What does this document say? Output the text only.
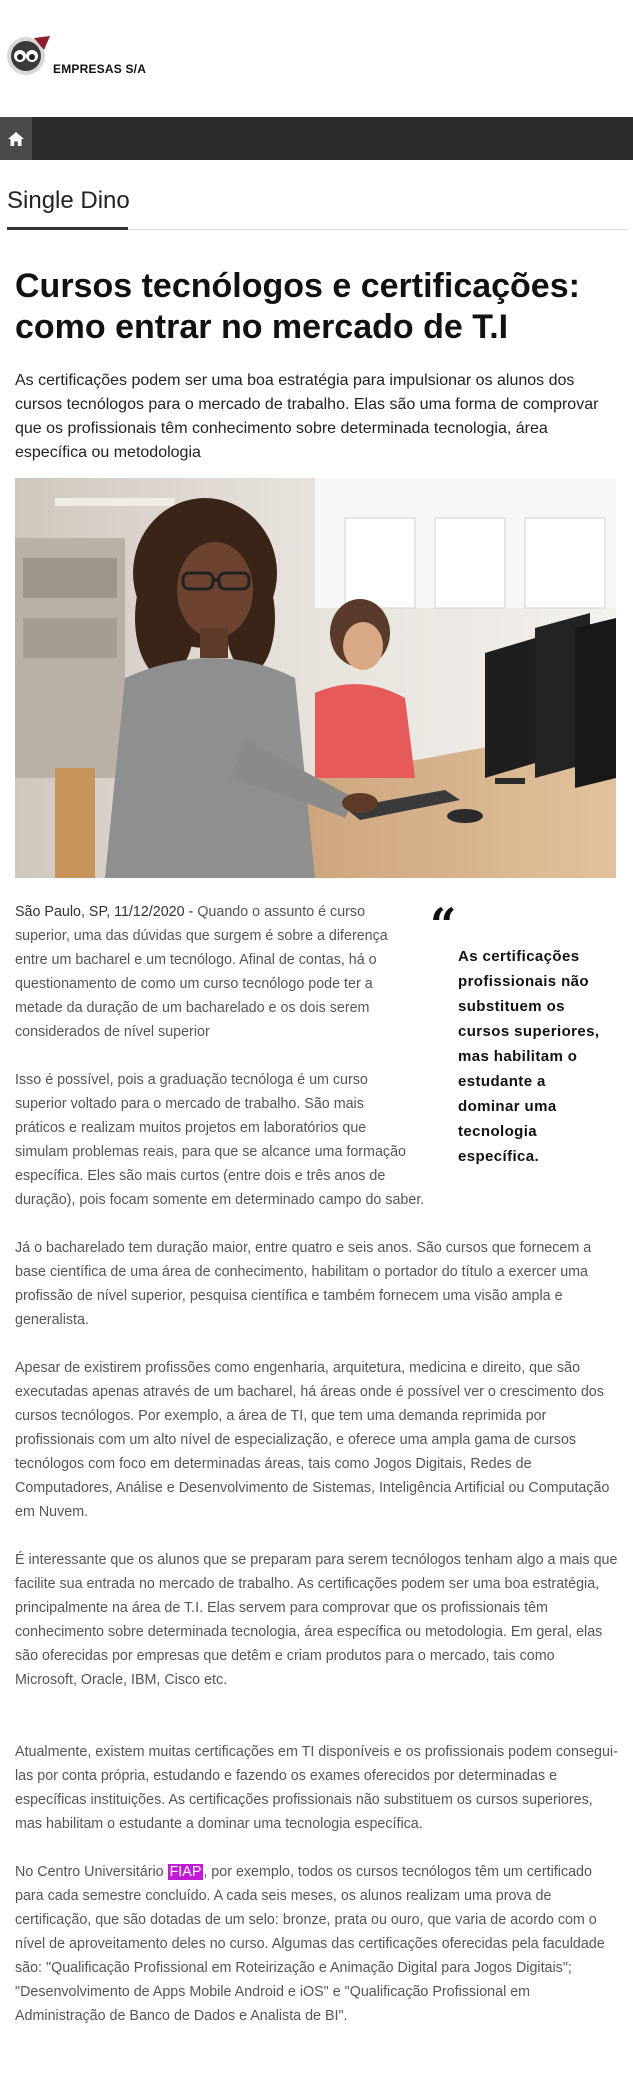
EMPRESAS S/A
Single Dino
Cursos tecnólogos e certificações: como entrar no mercado de T.I

As certificações podem ser uma boa estratégia para impulsionar os alunos dos cursos tecnólogos para o mercado de trabalho. Elas são uma forma de comprovar que os profissionais têm conhecimento sobre determinada tecnologia, área específica ou metodologia

“
As certificações profissionais não substituem os cursos superiores, mas habilitam o estudante a dominar uma tecnologia específica.

São Paulo, SP, 11/12/2020 - Quando o assunto é curso superior, uma das dúvidas que surgem é sobre a diferença entre um bacharel e um tecnólogo. Afinal de contas, há o questionamento de como um curso tecnólogo pode ter a metade da duração de um bacharelado e os dois serem considerados de nível superior

Isso é possível, pois a graduação tecnóloga é um curso superior voltado para o mercado de trabalho. São mais práticos e realizam muitos projetos em laboratórios que simulam problemas reais, para que se alcance uma formação específica. Eles são mais curtos (entre dois e três anos de duração), pois focam somente em determinado campo do saber.

Já o bacharelado tem duração maior, entre quatro e seis anos. São cursos que fornecem a base científica de uma área de conhecimento, habilitam o portador do título a exercer uma profissão de nível superior, pesquisa científica e também fornecem uma visão ampla e generalista.

Apesar de existirem profissões como engenharia, arquitetura, medicina e direito, que são executadas apenas através de um bacharel, há áreas onde é possível ver o crescimento dos cursos tecnólogos. Por exemplo, a área de TI, que tem uma demanda reprimida por profissionais com um alto nível de especialização, e oferece uma ampla gama de cursos tecnólogos com foco em determinadas áreas, tais como Jogos Digitais, Redes de Computadores, Análise e Desenvolvimento de Sistemas, Inteligência Artificial ou Computação em Nuvem.

É interessante que os alunos que se preparam para serem tecnólogos tenham algo a mais que facilite sua entrada no mercado de trabalho. As certificações podem ser uma boa estratégia, principalmente na área de T.I. Elas servem para comprovar que os profissionais têm conhecimento sobre determinada tecnologia, área específica ou metodologia. Em geral, elas são oferecidas por empresas que detêm e criam produtos para o mercado, tais como Microsoft, Oracle, IBM, Cisco etc.

Atualmente, existem muitas certificações em TI disponíveis e os profissionais podem consegui-las por conta própria, estudando e fazendo os exames oferecidos por determinadas e específicas instituições. As certificações profissionais não substituem os cursos superiores, mas habilitam o estudante a dominar uma tecnologia específica.

No Centro Universitário FIAP , por exemplo, todos os cursos tecnólogos têm um certificado para cada semestre concluído. A cada seis meses, os alunos realizam uma prova de certificação, que são dotadas de um selo: bronze, prata ou ouro, que varia de acordo com o nível de aproveitamento deles no curso. Algumas das certificações oferecidas pela faculdade são: "Qualificação Profissional em Roteirização e Animação Digital para Jogos Digitais"; "Desenvolvimento de Apps Mobile Android e iOS" e "Qualificação Profissional em Administração de Banco de Dados e Analista de BI".
